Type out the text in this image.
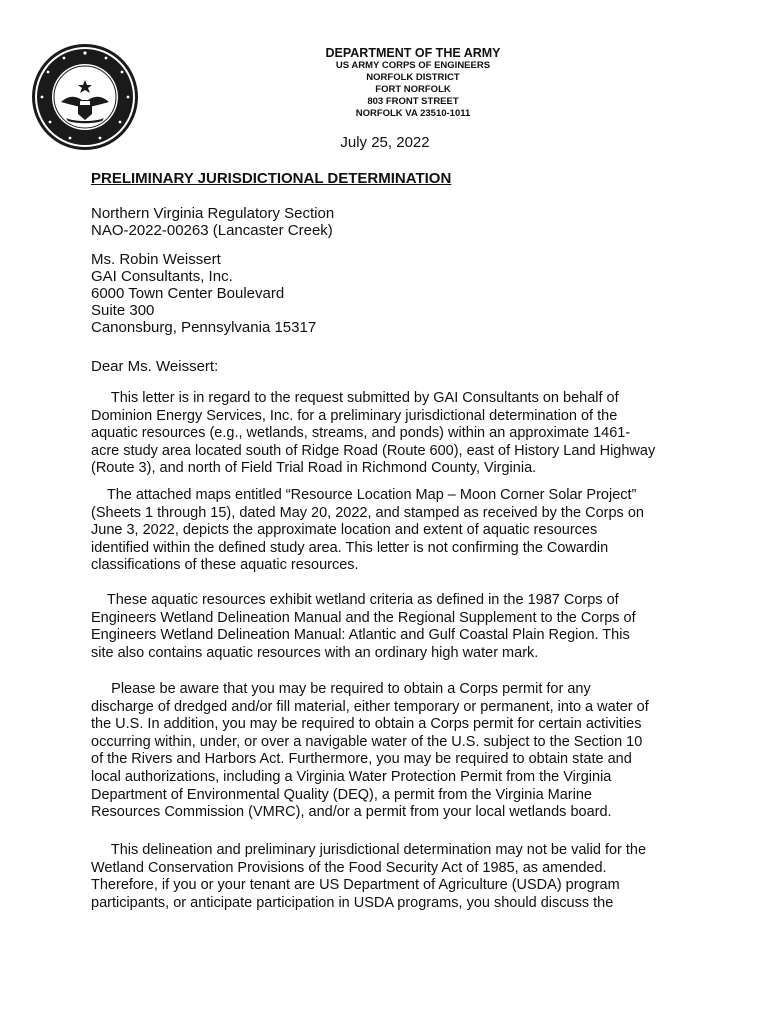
DEPARTMENT OF THE ARMY
US ARMY CORPS OF ENGINEERS
NORFOLK DISTRICT
FORT NORFOLK
803 FRONT STREET
NORFOLK VA 23510-1011
July 25, 2022
PRELIMINARY JURISDICTIONAL DETERMINATION
Northern Virginia Regulatory Section
NAO-2022-00263 (Lancaster Creek)
Ms. Robin Weissert
GAI Consultants, Inc.
6000 Town Center Boulevard
Suite 300
Canonsburg, Pennsylvania 15317
Dear Ms. Weissert:
This letter is in regard to the request submitted by GAI Consultants on behalf of
Dominion Energy Services, Inc. for a preliminary jurisdictional determination of the
aquatic resources (e.g., wetlands, streams, and ponds) within an approximate 1461-
acre study area located south of Ridge Road (Route 600), east of History Land Highway
(Route 3), and north of Field Trial Road in Richmond County, Virginia.
The attached maps entitled “Resource Location Map – Moon Corner Solar Project”
(Sheets 1 through 15), dated May 20, 2022, and stamped as received by the Corps on
June 3, 2022, depicts the approximate location and extent of aquatic resources
identified within the defined study area. This letter is not confirming the Cowardin
classifications of these aquatic resources.
These aquatic resources exhibit wetland criteria as defined in the 1987 Corps of
Engineers Wetland Delineation Manual and the Regional Supplement to the Corps of
Engineers Wetland Delineation Manual: Atlantic and Gulf Coastal Plain Region. This
site also contains aquatic resources with an ordinary high water mark.
Please be aware that you may be required to obtain a Corps permit for any
discharge of dredged and/or fill material, either temporary or permanent, into a water of
the U.S. In addition, you may be required to obtain a Corps permit for certain activities
occurring within, under, or over a navigable water of the U.S. subject to the Section 10
of the Rivers and Harbors Act. Furthermore, you may be required to obtain state and
local authorizations, including a Virginia Water Protection Permit from the Virginia
Department of Environmental Quality (DEQ), a permit from the Virginia Marine
Resources Commission (VMRC), and/or a permit from your local wetlands board.
This delineation and preliminary jurisdictional determination may not be valid for the
Wetland Conservation Provisions of the Food Security Act of 1985, as amended.
Therefore, if you or your tenant are US Department of Agriculture (USDA) program
participants, or anticipate participation in USDA programs, you should discuss the
